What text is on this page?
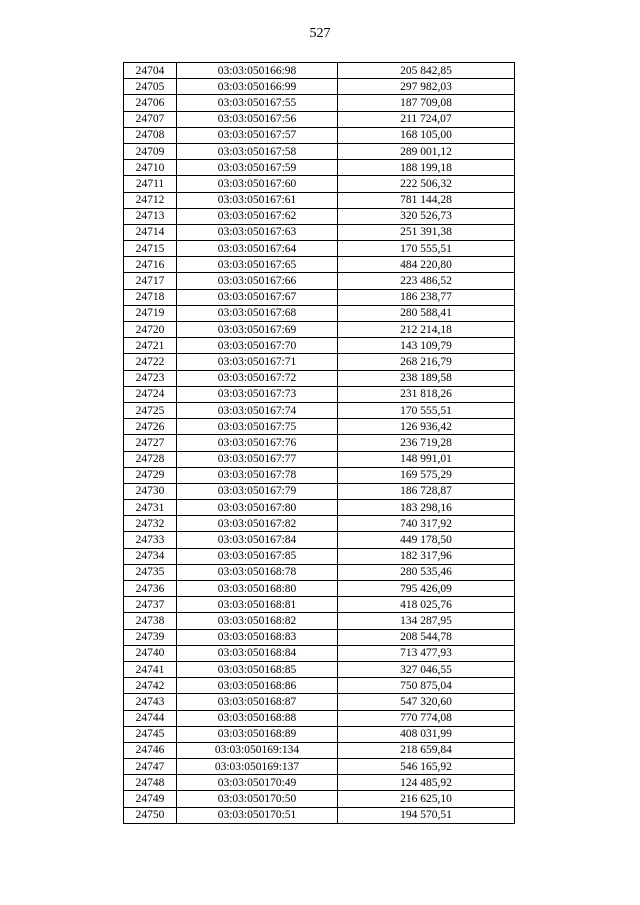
527
24704	03:03:050166:98	205 842,85
24705	03:03:050166:99	297 982,03
24706	03:03:050167:55	187 709,08
24707	03:03:050167:56	211 724,07
24708	03:03:050167:57	168 105,00
24709	03:03:050167:58	289 001,12
24710	03:03:050167:59	188 199,18
24711	03:03:050167:60	222 506,32
24712	03:03:050167:61	781 144,28
24713	03:03:050167:62	320 526,73
24714	03:03:050167:63	251 391,38
24715	03:03:050167:64	170 555,51
24716	03:03:050167:65	484 220,80
24717	03:03:050167:66	223 486,52
24718	03:03:050167:67	186 238,77
24719	03:03:050167:68	280 588,41
24720	03:03:050167:69	212 214,18
24721	03:03:050167:70	143 109,79
24722	03:03:050167:71	268 216,79
24723	03:03:050167:72	238 189,58
24724	03:03:050167:73	231 818,26
24725	03:03:050167:74	170 555,51
24726	03:03:050167:75	126 936,42
24727	03:03:050167:76	236 719,28
24728	03:03:050167:77	148 991,01
24729	03:03:050167:78	169 575,29
24730	03:03:050167:79	186 728,87
24731	03:03:050167:80	183 298,16
24732	03:03:050167:82	740 317,92
24733	03:03:050167:84	449 178,50
24734	03:03:050167:85	182 317,96
24735	03:03:050168:78	280 535,46
24736	03:03:050168:80	795 426,09
24737	03:03:050168:81	418 025,76
24738	03:03:050168:82	134 287,95
24739	03:03:050168:83	208 544,78
24740	03:03:050168:84	713 477,93
24741	03:03:050168:85	327 046,55
24742	03:03:050168:86	750 875,04
24743	03:03:050168:87	547 320,60
24744	03:03:050168:88	770 774,08
24745	03:03:050168:89	408 031,99
24746	03:03:050169:134	218 659,84
24747	03:03:050169:137	546 165,92
24748	03:03:050170:49	124 485,92
24749	03:03:050170:50	216 625,10
24750	03:03:050170:51	194 570,51
